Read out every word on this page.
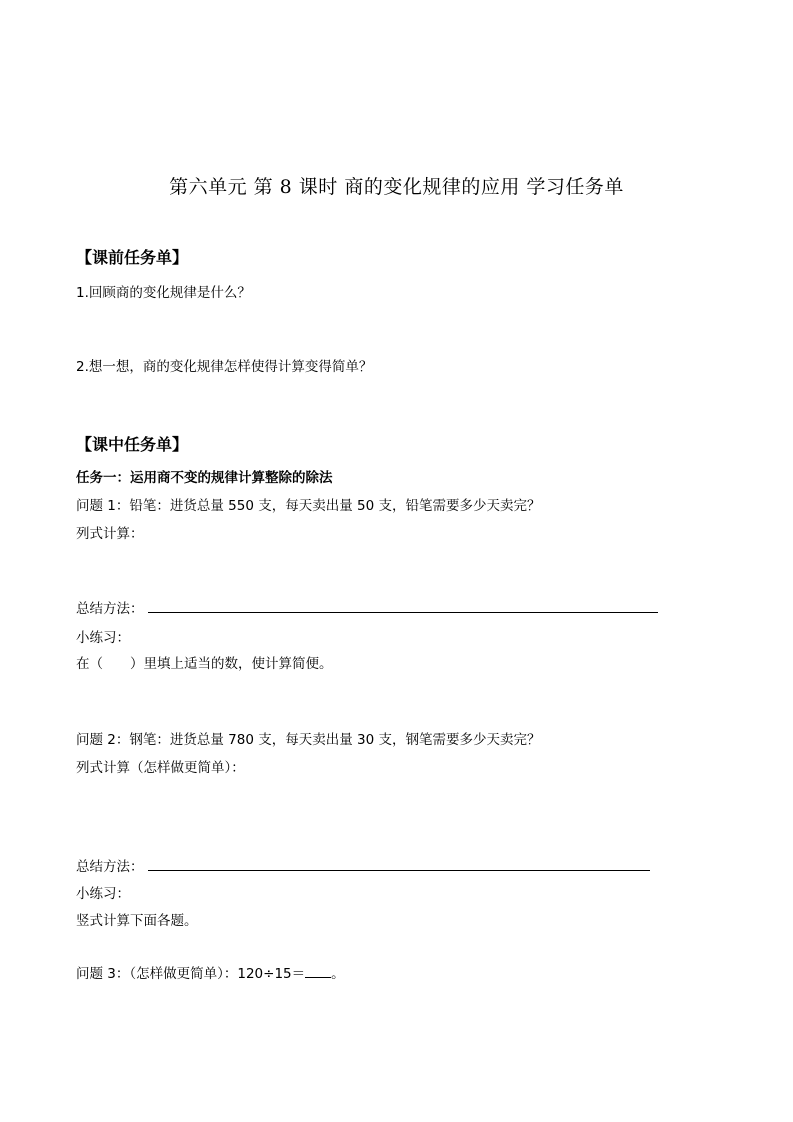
第六单元 第 8 课时 商的变化规律的应用 学习任务单
【课前任务单】
1.回顾商的变化规律是什么？
2.想一想，商的变化规律怎样使得计算变得简单？
【课中任务单】
任务一：运用商不变的规律计算整除的除法
问题 1：铅笔：进货总量 550 支，每天卖出量 50 支，铅笔需要多少天卖完？
列式计算：
总结方法：
小练习：
在（　　）里填上适当的数，使计算简便。
问题 2：钢笔：进货总量 780 支，每天卖出量 30 支，钢笔需要多少天卖完？
列式计算（怎样做更简单）：
总结方法：
小练习：
竖式计算下面各题。
问题 3：（怎样做更简单）：120÷15＝ 。
